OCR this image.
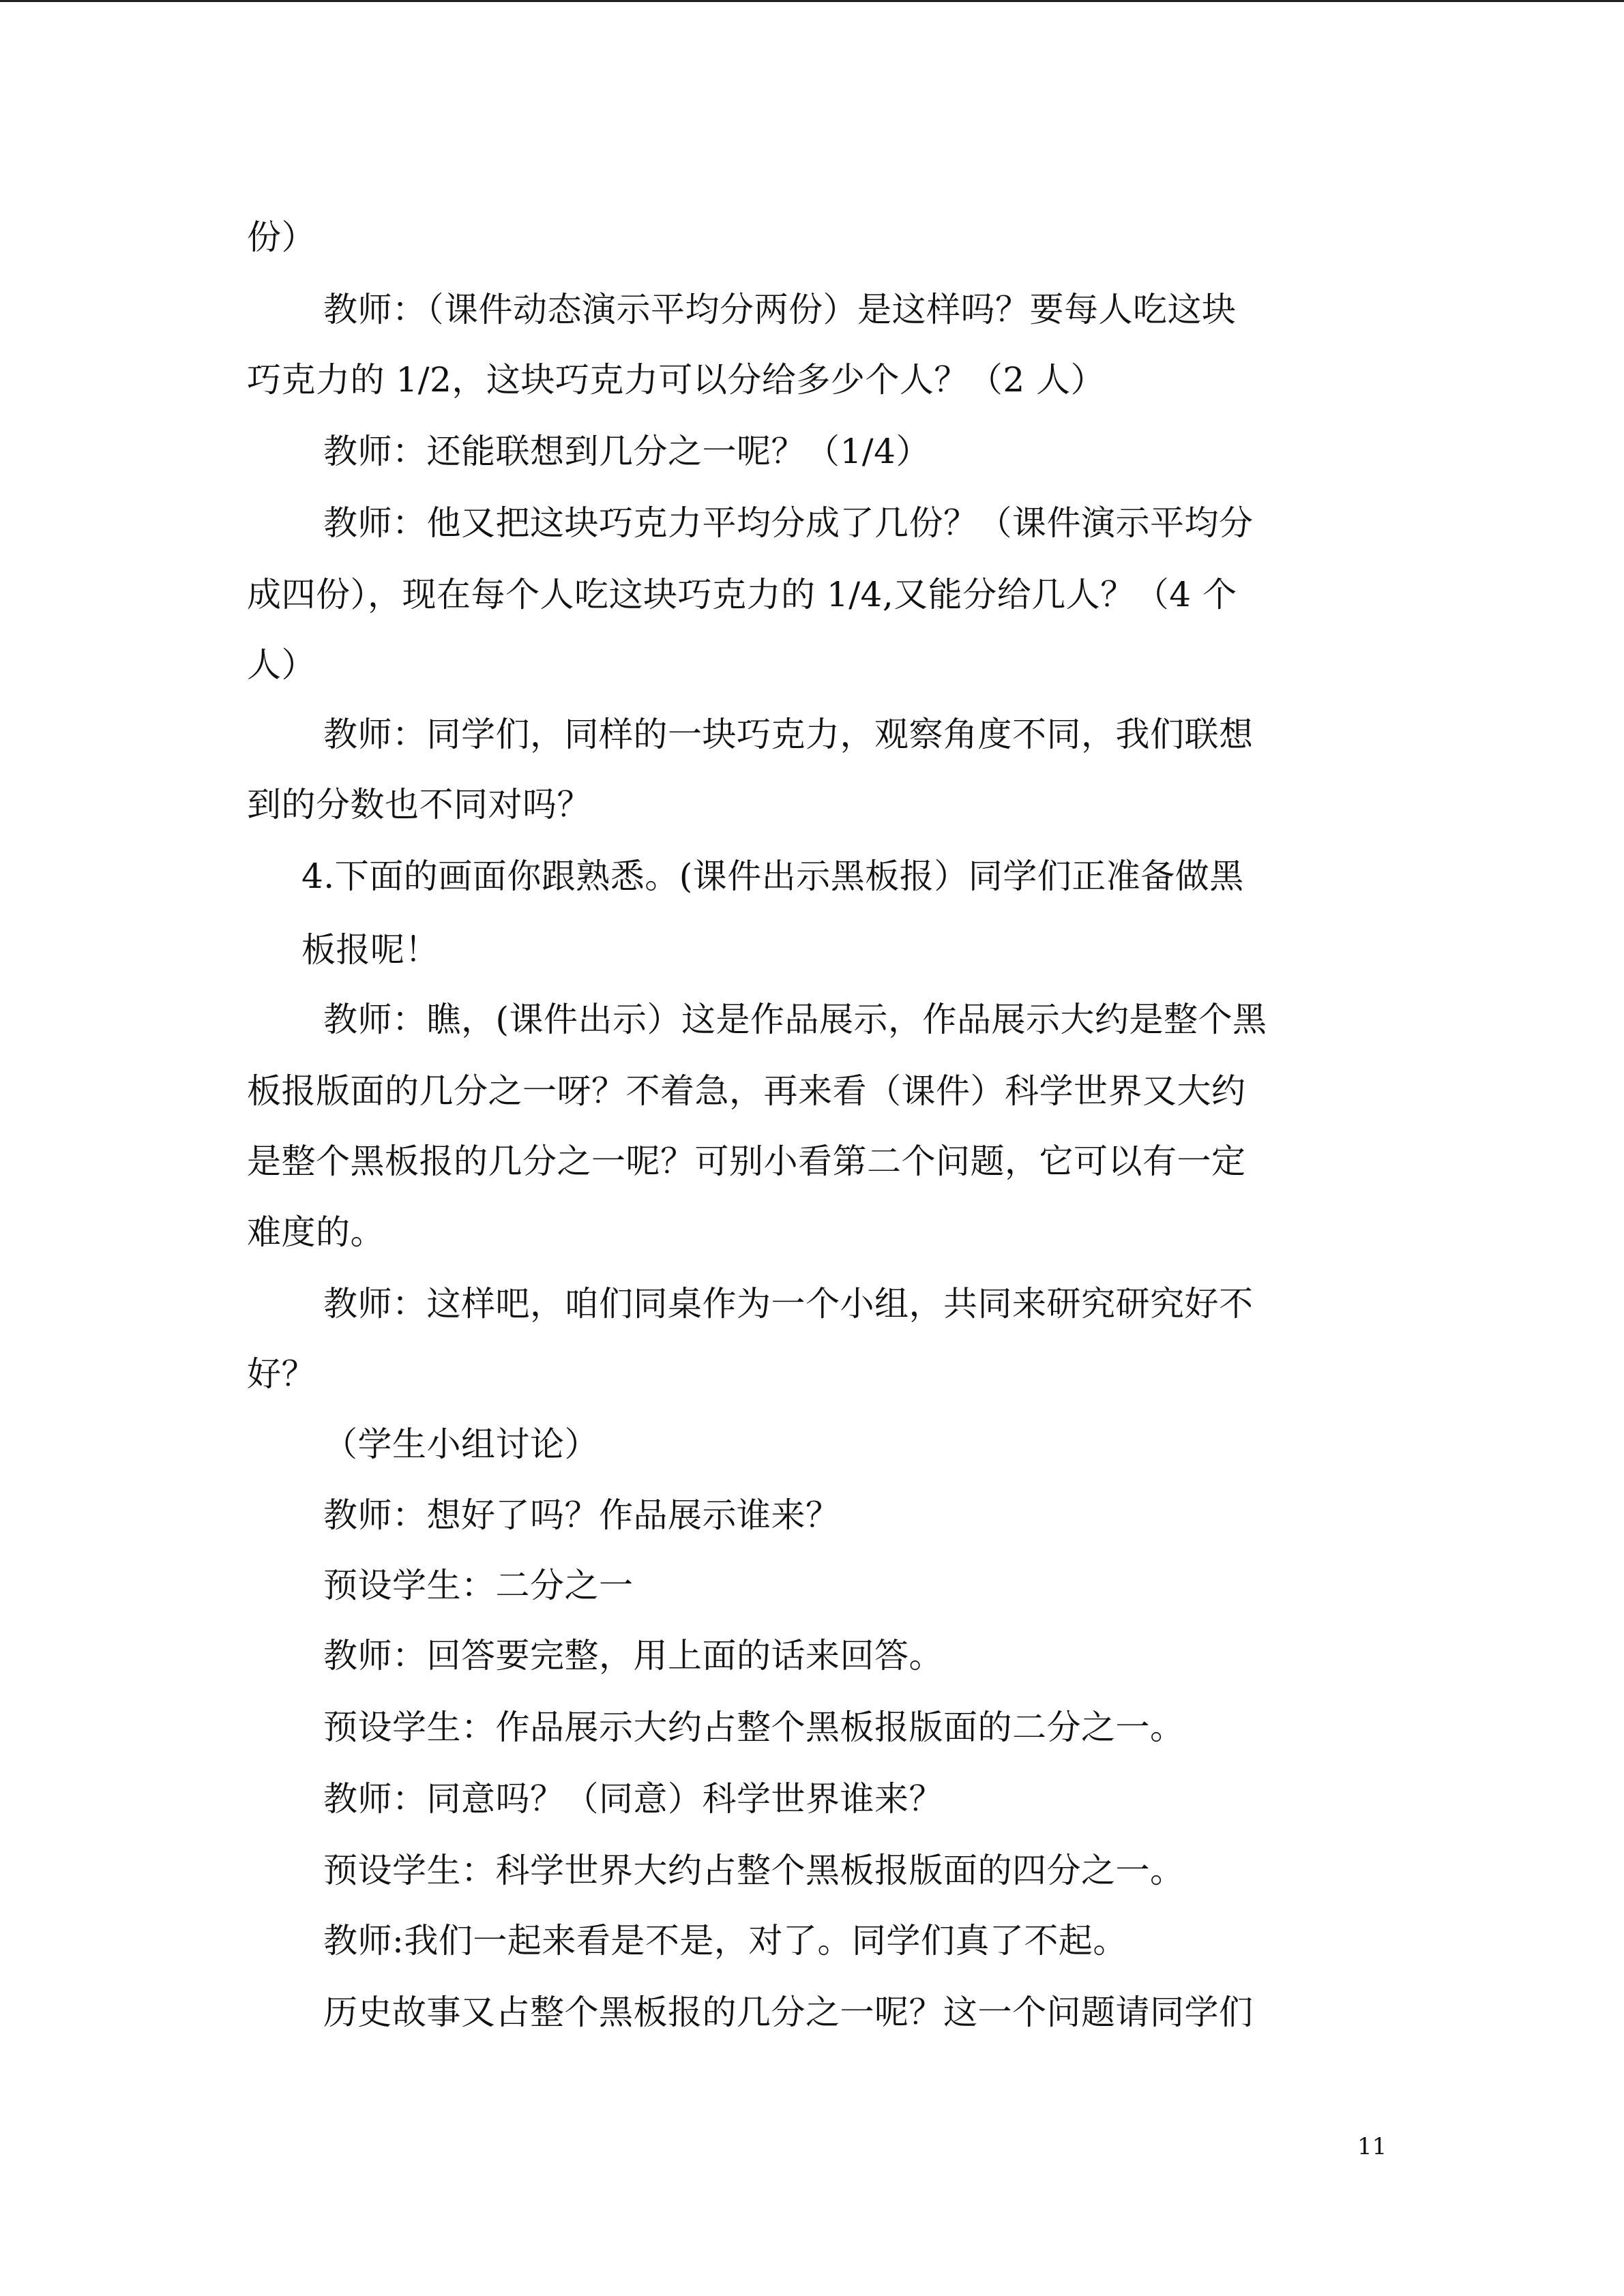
份）
教师：（课件动态演示平均分两份）是这样吗？要每人吃这块
巧克力的 1/2，这块巧克力可以分给多少个人？（2 人）
教师：还能联想到几分之一呢？（1/4）
教师：他又把这块巧克力平均分成了几份？（课件演示平均分
成四份），现在每个人吃这块巧克力的 1/4,又能分给几人？（4 个
人）
教师：同学们，同样的一块巧克力，观察角度不同，我们联想
到的分数也不同对吗？
4.下面的画面你跟熟悉。(课件出示黑板报）同学们正准备做黑
板报呢！
教师：瞧，(课件出示）这是作品展示，作品展示大约是整个黑
板报版面的几分之一呀？不着急，再来看（课件）科学世界又大约
是整个黑板报的几分之一呢？可别小看第二个问题，它可以有一定
难度的。
教师：这样吧，咱们同桌作为一个小组，共同来研究研究好不
好？
（学生小组讨论）
教师：想好了吗？作品展示谁来？
预设学生：二分之一
教师：回答要完整，用上面的话来回答。
预设学生：作品展示大约占整个黑板报版面的二分之一。
教师：同意吗？（同意）科学世界谁来？
预设学生：科学世界大约占整个黑板报版面的四分之一。
教师:我们一起来看是不是，对了。同学们真了不起。
历史故事又占整个黑板报的几分之一呢？这一个问题请同学们
11
